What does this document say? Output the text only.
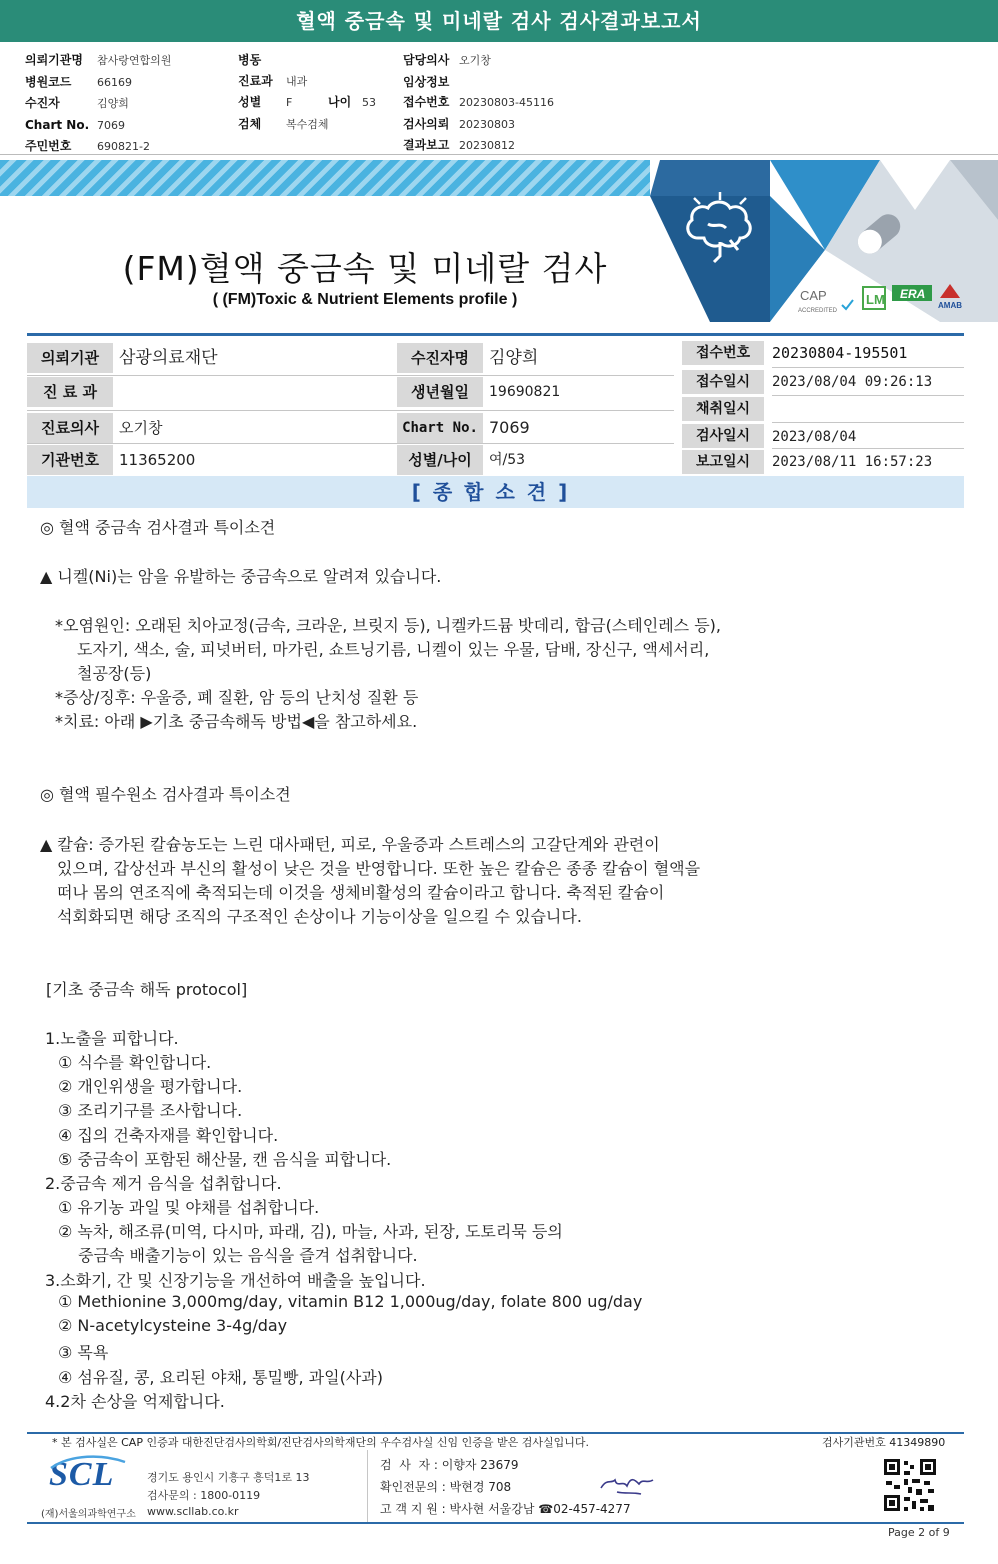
혈액 중금속 및 미네랄 검사 검사결과보고서
의뢰기관명 참사랑연합의원
병원코드 66169
수진자	김양희
Chart No. 7069
주민번호 690821-2
병동
진료과 내과
성별 F	나이 53
검체 복수검체
담당의사 오기창
임상정보
접수번호 20230803-45116
검사의뢰 20230803
결과보고 20230812
CAP
ACCREDITED
LM ERA
AMAB
(FM)혈액 중금속 및 미네랄 검사
( (FM)Toxic & Nutrient Elements profile )
의뢰기관	삼광의료재단
진 료 과
진료의사	오기창
기관번호	11365200
수진자명	김양희
생년월일	19690821
Chart No. 7069
성별/나이	여/53
접수번호	20230804-195501
접수일시	2023/08/04 09:26:13
채취일시
검사일시	2023/08/04
보고일시	2023/08/11 16:57:23
[종합소견]
◎ 혈액 중금속 검사결과 특이소견
▲ 니켈(Ni)는 암을 유발하는 중금속으로 알려져 있습니다.
*오염원인: 오래된 치아교정(금속, 크라운, 브릿지 등), 니켈카드뮴 밧데리, 합금(스테인레스 등),
도자기, 색소, 술, 피넛버터, 마가린, 쇼트닝기름, 니켈이 있는 우물, 담배, 장신구, 액세서리,
철공장(등)
*증상/징후: 우울증, 폐 질환, 암 등의 난치성 질환 등
*치료: 아래 ▶기초 중금속해독 방법◀을 참고하세요.
◎ 혈액 필수원소 검사결과 특이소견
▲ 칼슘: 증가된 칼슘농도는 느린 대사패턴, 피로, 우울증과 스트레스의 고갈단계와 관련이
있으며, 갑상선과 부신의 활성이 낮은 것을 반영합니다. 또한 높은 칼슘은 종종 칼슘이 혈액을
떠나 몸의 연조직에 축적되는데 이것을 생체비활성의 칼슘이라고 합니다. 축적된 칼슘이
석회화되면 해당 조직의 구조적인 손상이나 기능이상을 일으킬 수 있습니다.
[기초 중금속 해독 protocol]
1.노출을 피합니다.
① 식수를 확인합니다.
② 개인위생을 평가합니다.
③ 조리기구를 조사합니다.
④ 집의 건축자재를 확인합니다.
⑤ 중금속이 포함된 해산물, 캔 음식을 피합니다.
2.중금속 제거 음식을 섭취합니다.
① 유기농 과일 및 야채를 섭취합니다.
② 녹차, 해조류(미역, 다시마, 파래, 김), 마늘, 사과, 된장, 도토리묵 등의
중금속 배출기능이 있는 음식을 즐겨 섭취합니다.
3.소화기, 간 및 신장기능을 개선하여 배출을 높입니다.
① Methionine 3,000mg/day, vitamin B12 1,000ug/day, folate 800 ug/day
② N-acetylcysteine 3-4g/day
③ 목욕
④ 섬유질, 콩, 요리된 야채, 통밀빵, 과일(사과)
4.2차 손상을 억제합니다.
* 본 검사실은 CAP 인증과 대한진단검사의학회/진단검사의학재단의 우수검사실 신임 인증을 받은 검사실입니다.	검사기관번호 41349890
SCL
(재)서울의과학연구소
경기도 용인시 기흥구 흥덕1로 13
검사문의 : 1800-0119
www.scllab.co.kr
검  사  자 : 이향자 23679
확인전문의 : 박현경 708
고 객 지 원 : 박사현 서울강남 ☎02-457-4277
Page 2 of 9
